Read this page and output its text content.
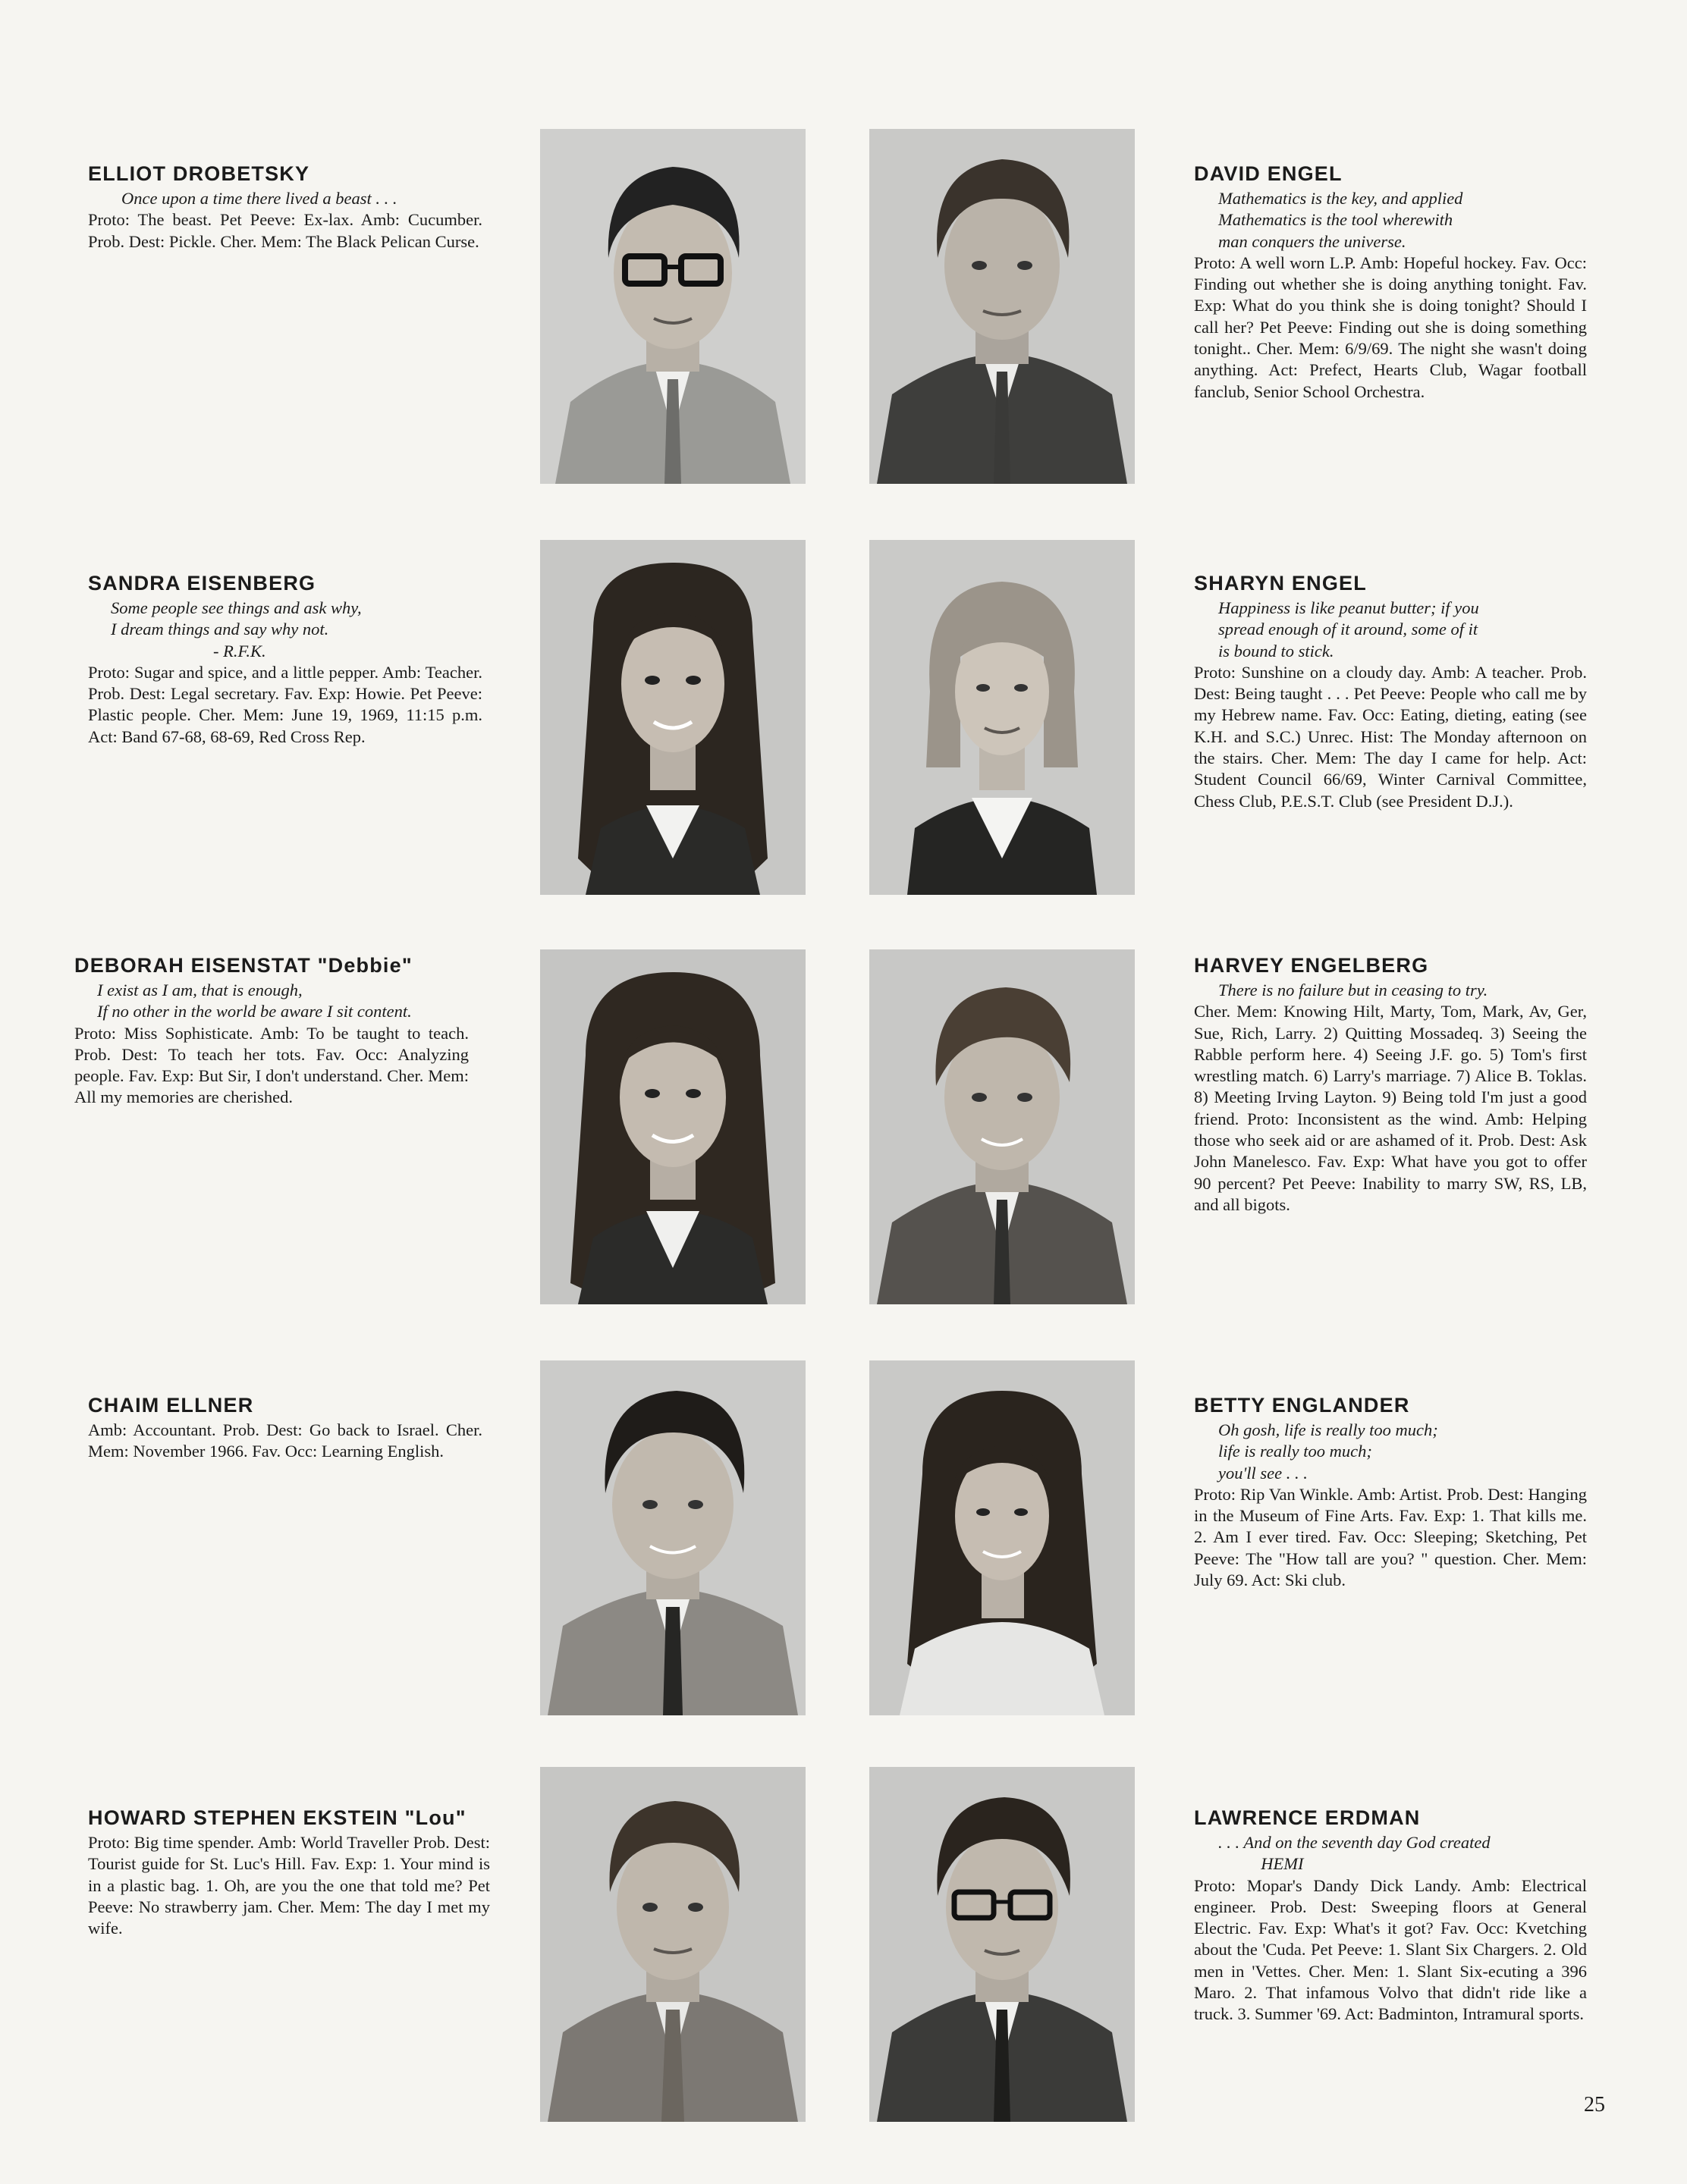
ELLIOT DROBETSKY

Once upon a time there lived a beast . . .

Proto: The beast. Pet Peeve: Ex-lax. Amb: Cucumber. Prob. Dest: Pickle. Cher. Mem: The Black Pelican Curse.

DAVID ENGEL

Mathematics is the key, and applied
Mathematics is the tool wherewith
man conquers the universe.

Proto: A well worn L.P. Amb: Hopeful hockey. Fav. Occ: Finding out whether she is doing anything tonight. Fav. Exp: What do you think she is doing tonight? Should I call her? Pet Peeve: Finding out she is doing something tonight.. Cher. Mem: 6/9/69. The night she wasn't doing anything. Act: Prefect, Hearts Club, Wagar football fanclub, Senior School Orchestra.

SANDRA EISENBERG

Some people see things and ask why,
I dream things and say why not.
- R.F.K.

Proto: Sugar and spice, and a little pepper. Amb: Teacher. Prob. Dest: Legal secretary. Fav. Exp: Howie. Pet Peeve: Plastic people. Cher. Mem: June 19, 1969, 11:15 p.m. Act: Band 67-68, 68-69, Red Cross Rep.

SHARYN ENGEL

Happiness is like peanut butter; if you
spread enough of it around, some of it
is bound to stick.

Proto: Sunshine on a cloudy day. Amb: A teacher. Prob. Dest: Being taught . . . Pet Peeve: People who call me by my Hebrew name. Fav. Occ: Eating, dieting, eating (see K.H. and S.C.) Unrec. Hist: The Monday afternoon on the stairs. Cher. Mem: The day I came for help. Act: Student Council 66/69, Winter Carnival Committee, Chess Club, P.E.S.T. Club (see President D.J.).

DEBORAH EISENSTAT "Debbie"

I exist as I am, that is enough,
If no other in the world be aware I sit content.

Proto: Miss Sophisticate. Amb: To be taught to teach. Prob. Dest: To teach her tots. Fav. Occ: Analyzing people. Fav. Exp: But Sir, I don't understand. Cher. Mem: All my memories are cherished.

HARVEY ENGELBERG

There is no failure but in ceasing to try.

Cher. Mem: Knowing Hilt, Marty, Tom, Mark, Av, Ger, Sue, Rich, Larry. 2) Quitting Mossadeq. 3) Seeing the Rabble perform here. 4) Seeing J.F. go. 5) Tom's first wrestling match. 6) Larry's marriage. 7) Alice B. Toklas. 8) Meeting Irving Layton. 9) Being told I'm just a good friend. Proto: Inconsistent as the wind. Amb: Helping those who seek aid or are ashamed of it. Prob. Dest: Ask John Manelesco. Fav. Exp: What have you got to offer 90 percent? Pet Peeve: Inability to marry SW, RS, LB, and all bigots.

CHAIM ELLNER

Amb: Accountant. Prob. Dest: Go back to Israel. Cher. Mem: November 1966. Fav. Occ: Learning English.

BETTY ENGLANDER

Oh gosh, life is really too much;
life is really too much;
you'll see . . .

Proto: Rip Van Winkle. Amb: Artist. Prob. Dest: Hanging in the Museum of Fine Arts. Fav. Exp: 1. That kills me. 2. Am I ever tired. Fav. Occ: Sleeping; Sketching, Pet Peeve: The "How tall are you? " question. Cher. Mem: July 69. Act: Ski club.

HOWARD STEPHEN EKSTEIN "Lou"

Proto: Big time spender. Amb: World Traveller Prob. Dest: Tourist guide for St. Luc's Hill. Fav. Exp: 1. Your mind is in a plastic bag. 1. Oh, are you the one that told me? Pet Peeve: No strawberry jam. Cher. Mem: The day I met my wife.

LAWRENCE ERDMAN

. . . And on the seventh day God created
HEMI

Proto: Mopar's Dandy Dick Landy. Amb: Electrical engineer. Prob. Dest: Sweeping floors at General Electric. Fav. Exp: What's it got? Fav. Occ: Kvetching about the 'Cuda. Pet Peeve: 1. Slant Six Chargers. 2. Old men in 'Vettes. Cher. Men: 1. Slant Six-ecuting a 396 Maro. 2. That infamous Volvo that didn't ride like a truck. 3. Summer '69. Act: Badminton, Intramural sports.

25
